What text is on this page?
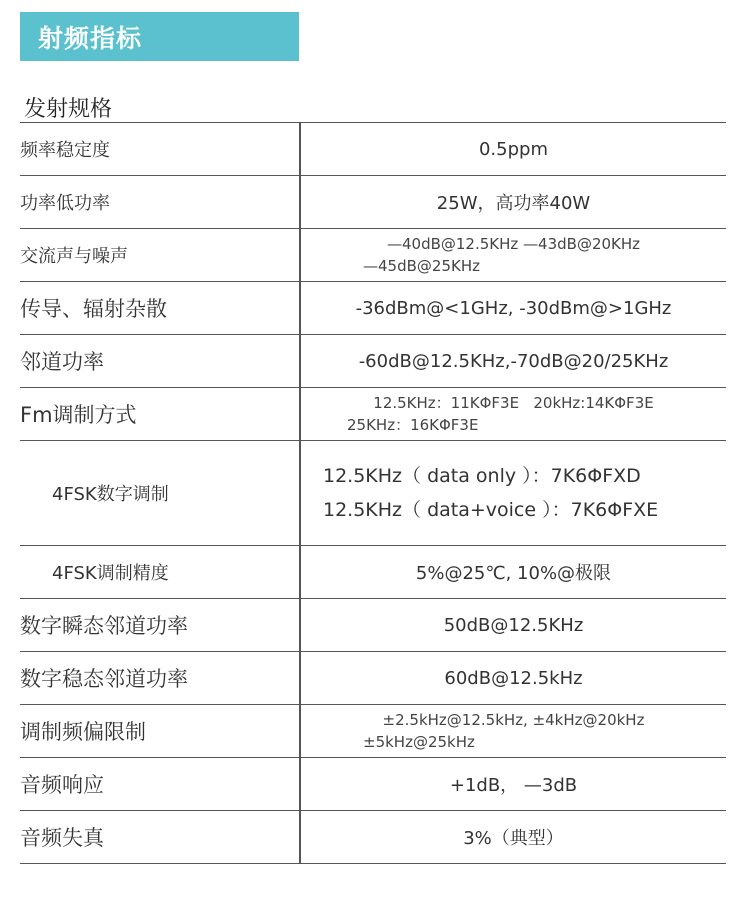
射频指标
发射规格
频率稳定度	0.5ppm

功率低功率	25W，高功率40W

交流声与噪声	—40dB@12.5KHz —43dB@20KHz
—45dB@25KHz

传导、辐射杂散	-36dBm@<1GHz, -30dBm@>1GHz

邻道功率	-60dB@12.5KHz,-70dB@20/25KHz

Fm调制方式	12.5KHz：11KΦF3E   20kHz:14KΦF3E
25KHz：16KΦF3E

4FSK数字调制	12.5KHz（ data only ）：7K6ΦFXD
12.5KHz（ data+voice ）：7K6ΦFXE

4FSK调制精度	5%@25℃, 10%@极限

数字瞬态邻道功率	50dB@12.5KHz

数字稳态邻道功率	60dB@12.5kHz

调制频偏限制	±2.5kHz@12.5kHz, ±4kHz@20kHz
±5kHz@25kHz

音频响应	+1dB， —3dB

音频失真	3%（典型）
